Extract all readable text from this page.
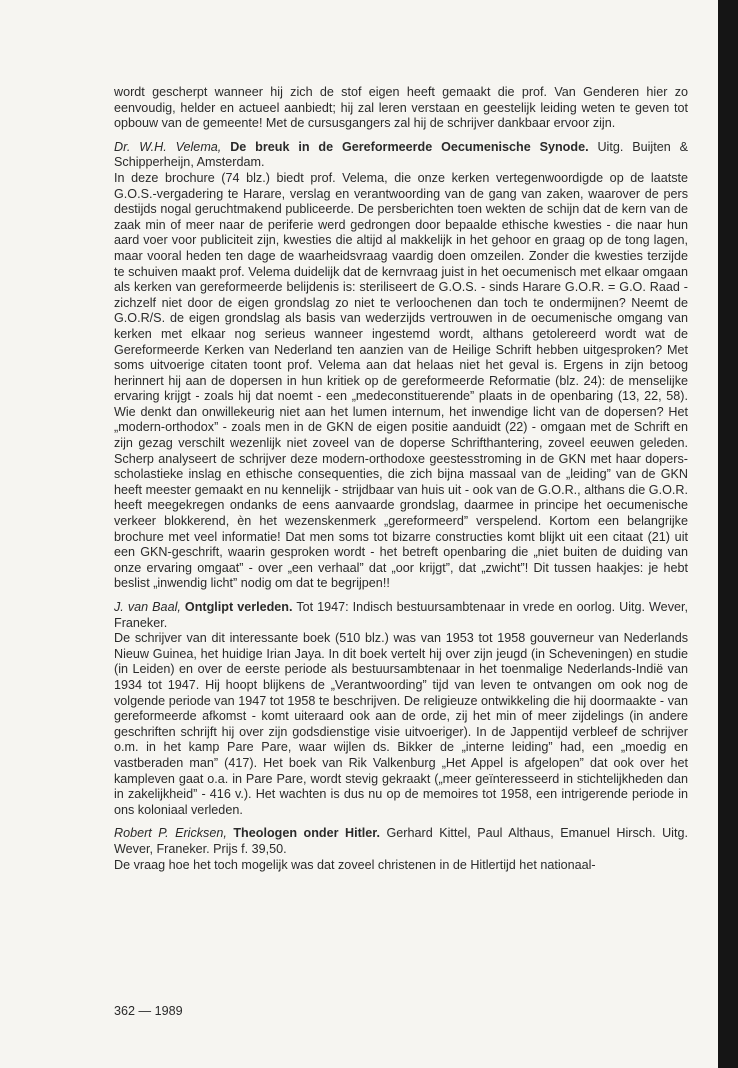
wordt gescherpt wanneer hij zich de stof eigen heeft gemaakt die prof. Van Genderen hier zo eenvoudig, helder en actueel aanbiedt; hij zal leren verstaan en geestelijk leiding weten te geven tot opbouw van de gemeente! Met de cursusgangers zal hij de schrijver dankbaar ervoor zijn.

Dr. W.H. Velema, De breuk in de Gereformeerde Oecumenische Synode. Uitg. Buijten & Schipperheijn, Amsterdam.

In deze brochure (74 blz.) biedt prof. Velema, die onze kerken vertegenwoordigde op de laatste G.O.S.-vergadering te Harare, verslag en verantwoording van de gang van zaken, waarover de pers destijds nogal geruchtmakend publiceerde. De persberichten toen wekten de schijn dat de kern van de zaak min of meer naar de periferie werd gedrongen door bepaalde ethische kwesties - die naar hun aard voer voor publiciteit zijn, kwesties die altijd al makkelijk in het gehoor en graag op de tong lagen, maar vooral heden ten dage de waarheidsvraag vaardig doen omzeilen. Zonder die kwesties terzijde te schuiven maakt prof. Velema duidelijk dat de kernvraag juist in het oecumenisch met elkaar omgaan als kerken van gereformeerde belijdenis is: steriliseert de G.O.S. - sinds Harare G.O.R. = G.O. Raad - zichzelf niet door de eigen grondslag zo niet te verloochenen dan toch te ondermijnen? Neemt de G.O.R/S. de eigen grondslag als basis van wederzijds vertrouwen in de oecumenische omgang van kerken met elkaar nog serieus wanneer ingestemd wordt, althans getolereerd wordt wat de Gereformeerde Kerken van Nederland ten aanzien van de Heilige Schrift hebben uitgesproken? Met soms uitvoerige citaten toont prof. Velema aan dat helaas niet het geval is. Ergens in zijn betoog herinnert hij aan de dopersen in hun kritiek op de gereformeerde Reformatie (blz. 24): de menselijke ervaring krijgt - zoals hij dat noemt - een „medeconstituerende” plaats in de openbaring (13, 22, 58). Wie denkt dan onwillekeurig niet aan het lumen internum, het inwendige licht van de dopersen? Het „modern-orthodox” - zoals men in de GKN de eigen positie aanduidt (22) - omgaan met de Schrift en zijn gezag verschilt wezenlijk niet zoveel van de doperse Schrifthantering, zoveel eeuwen geleden. Scherp analyseert de schrijver deze modern-orthodoxe geestesstroming in de GKN met haar dopers-scholastieke inslag en ethische consequenties, die zich bijna massaal van de „leiding” van de GKN heeft meester gemaakt en nu kennelijk - strijdbaar van huis uit - ook van de G.O.R., althans die G.O.R. heeft meegekregen ondanks de eens aanvaarde grondslag, daarmee in principe het oecumenische verkeer blokkerend, èn het wezenskenmerk „gereformeerd” verspelend. Kortom een belangrijke brochure met veel informatie! Dat men soms tot bizarre constructies komt blijkt uit een citaat (21) uit een GKN-geschrift, waarin gesproken wordt - het betreft openbaring die „niet buiten de duiding van onze ervaring omgaat” - over „een verhaal” dat „oor krijgt”, dat „zwicht”! Dit tussen haakjes: je hebt beslist „inwendig licht” nodig om dat te begrijpen!!

J. van Baal, Ontglipt verleden. Tot 1947: Indisch bestuursambtenaar in vrede en oorlog. Uitg. Wever, Franeker.

De schrijver van dit interessante boek (510 blz.) was van 1953 tot 1958 gouverneur van Nederlands Nieuw Guinea, het huidige Irian Jaya. In dit boek vertelt hij over zijn jeugd (in Scheveningen) en studie (in Leiden) en over de eerste periode als bestuursambtenaar in het toenmalige Nederlands-Indië van 1934 tot 1947. Hij hoopt blijkens de „Verantwoording” tijd van leven te ontvangen om ook nog de volgende periode van 1947 tot 1958 te beschrijven. De religieuze ontwikkeling die hij doormaakte - van gereformeerde afkomst - komt uiteraard ook aan de orde, zij het min of meer zijdelings (in andere geschriften schrijft hij over zijn godsdienstige visie uitvoeriger). In de Jappentijd verbleef de schrijver o.m. in het kamp Pare Pare, waar wijlen ds. Bikker de „interne leiding” had, een „moedig en vastberaden man” (417). Het boek van Rik Valkenburg „Het Appel is afgelopen” dat ook over het kampleven gaat o.a. in Pare Pare, wordt stevig gekraakt („meer geïnteresseerd in stichtelijkheden dan in zakelijkheid” - 416 v.). Het wachten is dus nu op de memoires tot 1958, een intrigerende periode in ons koloniaal verleden.

Robert P. Ericksen, Theologen onder Hitler. Gerhard Kittel, Paul Althaus, Emanuel Hirsch. Uitg. Wever, Franeker. Prijs f. 39,50.

De vraag hoe het toch mogelijk was dat zoveel christenen in de Hitlertijd het nationaal-

362 — 1989
